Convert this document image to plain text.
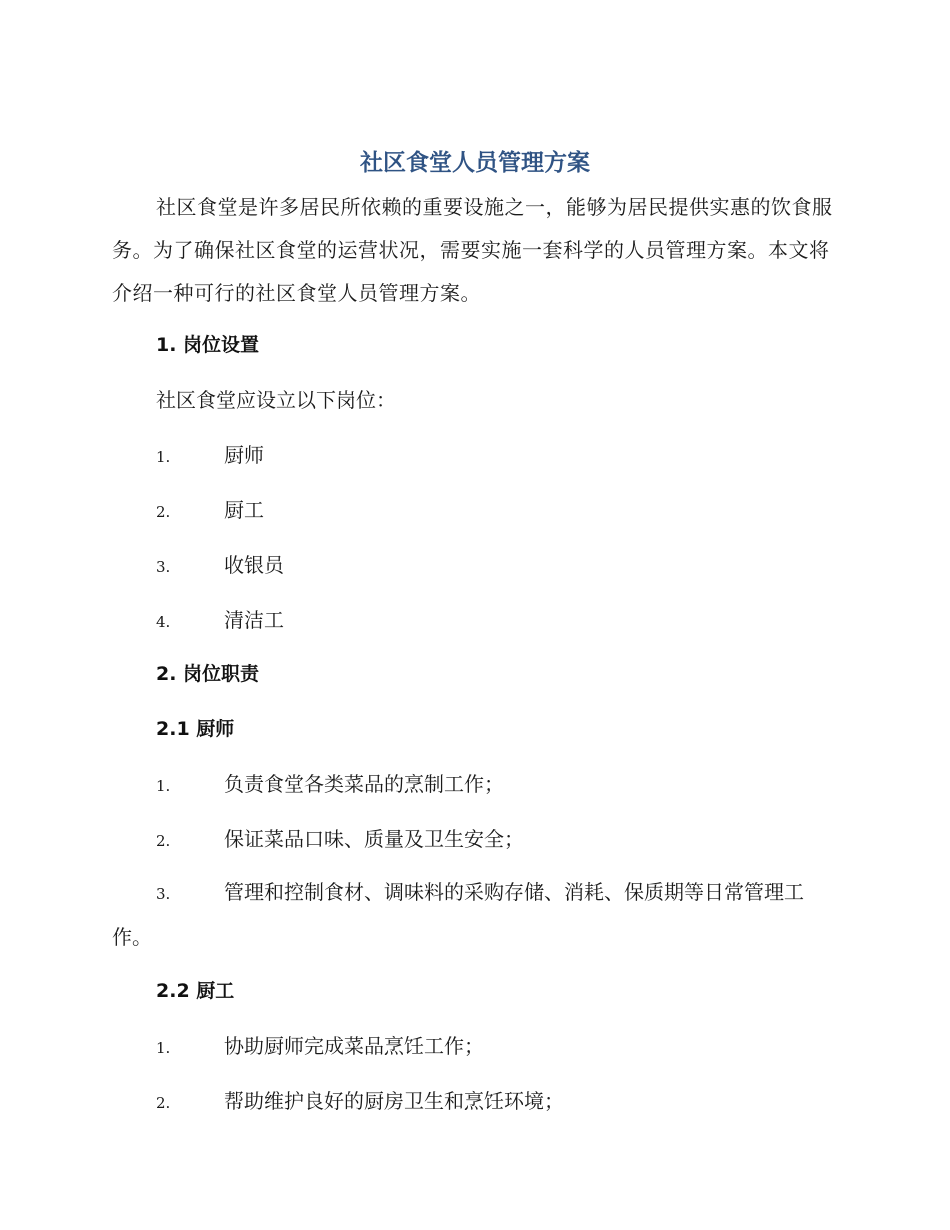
社区食堂人员管理方案

社区食堂是许多居民所依赖的重要设施之一，能够为居民提供实惠的饮食服务。为了确保社区食堂的运营状况，需要实施一套科学的人员管理方案。本文将介绍一种可行的社区食堂人员管理方案。

1. 岗位设置
社区食堂应设立以下岗位：
1.	厨师
2.	厨工
3.	收银员
4.	清洁工
2. 岗位职责
2.1 厨师
1.	负责食堂各类菜品的烹制工作；
2.	保证菜品口味、质量及卫生安全；

3.	管理和控制食材、调味料的采购存储、消耗、保质期等日常管理工作。

2.2 厨工
1.	协助厨师完成菜品烹饪工作；
2.	帮助维护良好的厨房卫生和烹饪环境；
